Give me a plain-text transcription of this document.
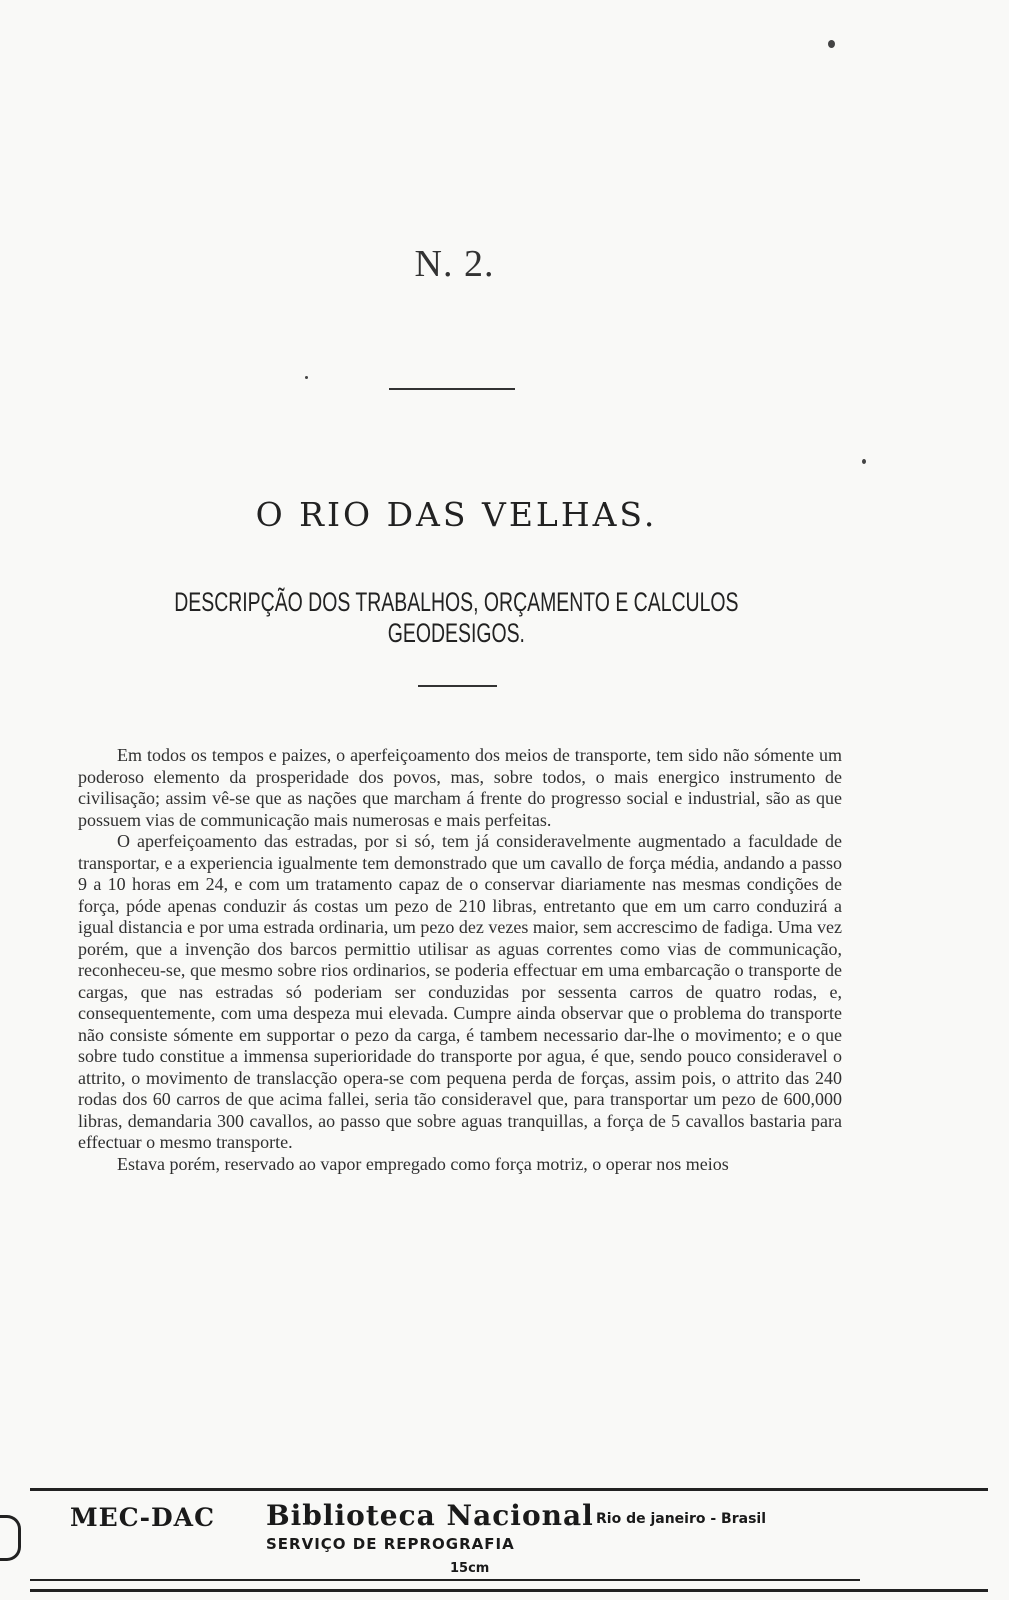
N. 2.
O RIO DAS VELHAS.
DESCRIPÇÃO DOS TRABALHOS, ORÇAMENTO E CALCULOS GEODESIGOS.

Em todos os tempos e paizes, o aperfeiçoamento dos meios de transporte, tem sido não sómente um poderoso elemento da prosperidade dos povos, mas, sobre todos, o mais energico instrumento de civilisação; assim vê-se que as nações que marcham á frente do progresso social e industrial, são as que possuem vias de communicação mais numerosas e mais perfeitas.

O aperfeiçoamento das estradas, por si só, tem já consideravelmente augmentado a faculdade de transportar, e a experiencia igualmente tem demonstrado que um cavallo de força média, andando a passo 9 a 10 horas em 24, e com um tratamento capaz de o conservar diariamente nas mesmas condições de força, póde apenas conduzir ás costas um pezo de 210 libras, entretanto que em um carro conduzirá a igual distancia e por uma estrada ordinaria, um pezo dez vezes maior, sem accrescimo de fadiga. Uma vez porém, que a invenção dos barcos permittio utilisar as aguas correntes como vias de communicação, reconheceu-se, que mesmo sobre rios ordinarios, se poderia effectuar em uma embarcação o transporte de cargas, que nas estradas só poderiam ser conduzidas por sessenta carros de quatro rodas, e, consequentemente, com uma despeza mui elevada. Cumpre ainda observar que o problema do transporte não consiste sómente em supportar o pezo da carga, é tambem necessario dar-lhe o movimento; e o que sobre tudo constitue a immensa superioridade do transporte por agua, é que, sendo pouco consideravel o attrito, o movimento de translacção opera-se com pequena perda de forças, assim pois, o attrito das 240 rodas dos 60 carros de que acima fallei, seria tão consideravel que, para transportar um pezo de 600,000 libras, demandaria 300 cavallos, ao passo que sobre aguas tranquillas, a força de 5 cavallos bastaria para effectuar o mesmo transporte.

Estava porém, reservado ao vapor empregado como força motriz, o operar nos meios

MEC-DAC Biblioteca Nacional Rio de janeiro - Brasil
SERVIÇO DE REPROGRAFIA
15cm
